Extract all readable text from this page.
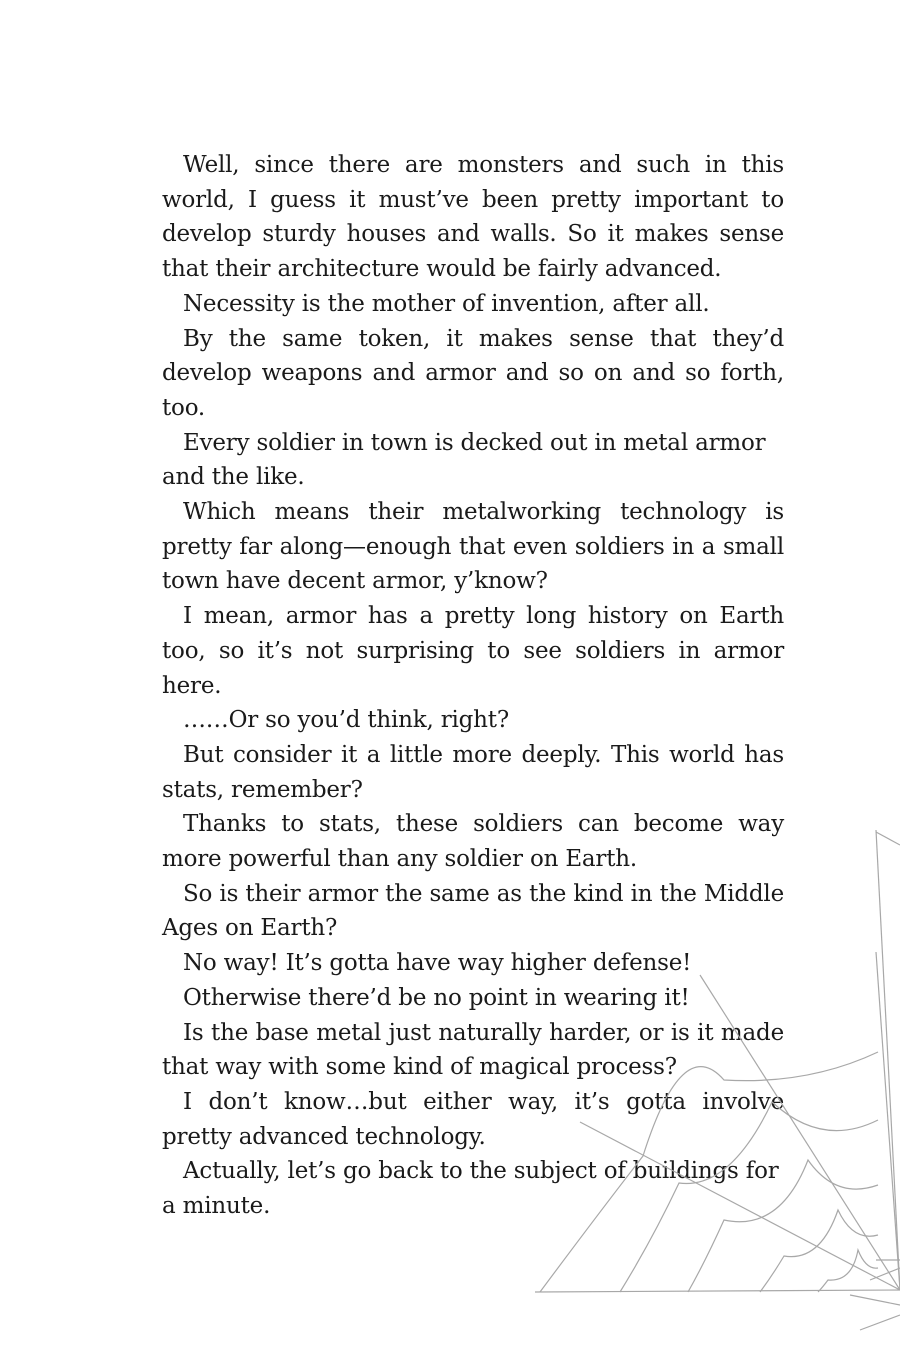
Well, since there are monsters and such in this world, I guess it must’ve been pretty important to develop sturdy houses and walls. So it makes sense that their architecture would be fairly advanced.

Necessity is the mother of invention, after all.

By the same token, it makes sense that they’d develop weapons and armor and so on and so forth, too.

Every soldier in town is decked out in metal armor and the like.

Which means their metalworking technology is pretty far along—enough that even soldiers in a small town have decent armor, y’know?

I mean, armor has a pretty long history on Earth too, so it’s not surprising to see soldiers in armor here.

……Or so you’d think, right?

But consider it a little more deeply. This world has stats, remember?

Thanks to stats, these soldiers can become way more powerful than any soldier on Earth.

So is their armor the same as the kind in the Middle Ages on Earth?

No way! It’s gotta have way higher defense!

Otherwise there’d be no point in wearing it!

Is the base metal just naturally harder, or is it made that way with some kind of magical process?

I don’t know…but either way, it’s gotta involve pretty advanced technology.

Actually, let’s go back to the subject of buildings for a minute.
